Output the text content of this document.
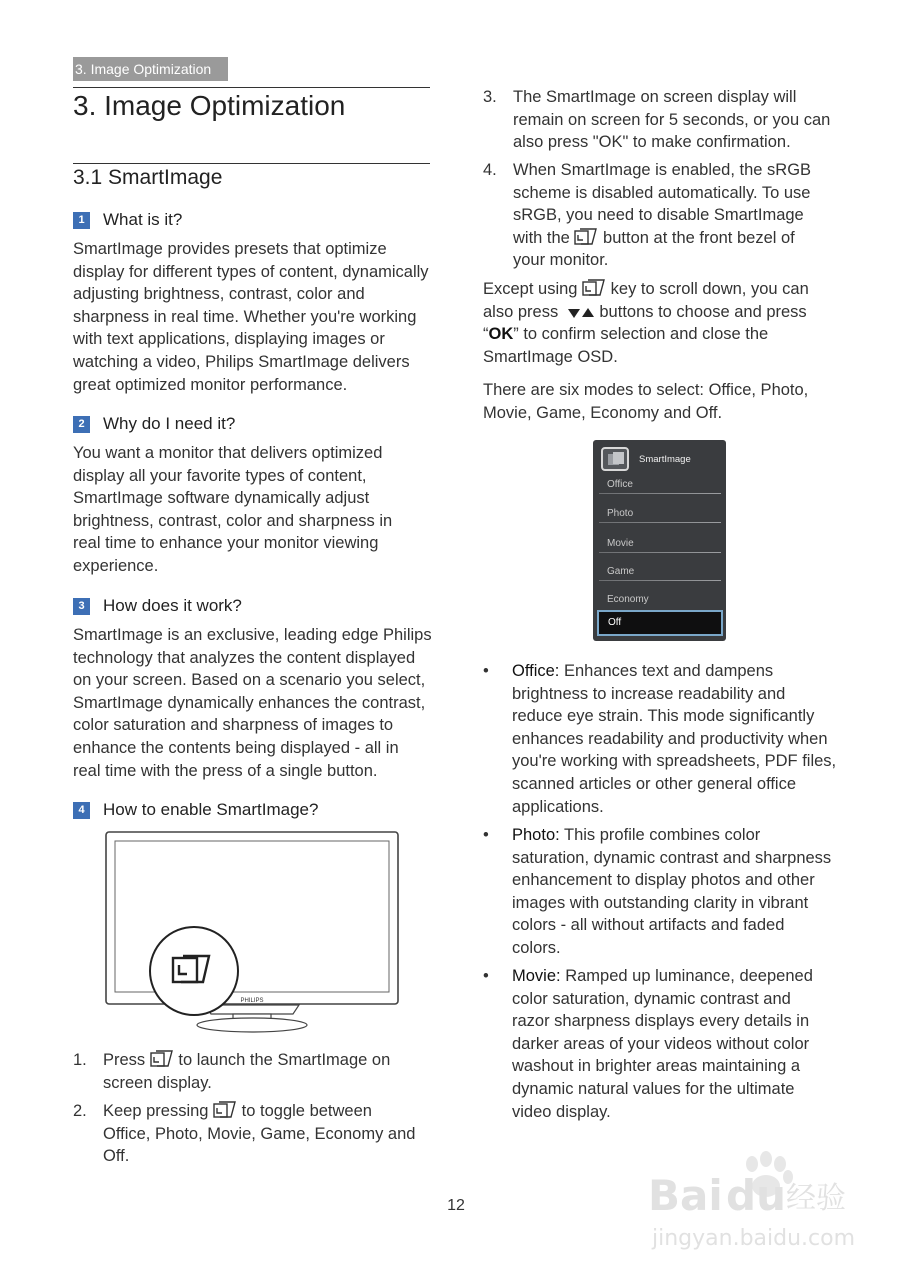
3. Image Optimization
3. Image Optimization
3.1 SmartImage
1	What is it?
SmartImage provides presets that optimize
display for different types of content, dynamically
adjusting brightness, contrast, color and
sharpness in real time. Whether you're working
with text applications, displaying images or
watching a video, Philips SmartImage delivers
great optimized monitor performance.
2	Why do I need it?
You want a monitor that delivers optimized
display all your favorite types of content,
SmartImage software dynamically adjust
brightness, contrast, color and sharpness in
real time to enhance your monitor viewing
experience.
3	How does it work?
SmartImage is an exclusive, leading edge Philips
technology that analyzes the content displayed
on your screen. Based on a scenario you select,
SmartImage dynamically enhances the contrast,
color saturation and sharpness of images to
enhance the contents being displayed - all in
real time with the press of a single button.
4	How to enable SmartImage?
PHILIPS
1. Press  to launch the SmartImage on
screen display.
2. Keep pressing  to toggle between
Office, Photo, Movie, Game, Economy and
Off.
3. The SmartImage on screen display will
remain on screen for 5 seconds, or you can
also press "OK" to make confirmation.
4. When SmartImage is enabled, the sRGB
scheme is disabled automatically. To use
sRGB, you need to disable SmartImage
with the  button at the front bezel of
your monitor.
Except using  key to scroll down, you can
also press  buttons to choose and press
“OK” to confirm selection and close the
SmartImage OSD.
There are six modes to select: Office, Photo,
Movie, Game, Economy and Off.
SmartImage
Office
Photo
Movie
Game
Economy
Off
• Office: Enhances text and dampens
brightness to increase readability and
reduce eye strain. This mode significantly
enhances readability and productivity when
you're working with spreadsheets, PDF files,
scanned articles or other general office
applications.
• Photo: This profile combines color
saturation, dynamic contrast and sharpness
enhancement to display photos and other
images with outstanding clarity in vibrant
colors - all without artifacts and faded
colors.
• Movie: Ramped up luminance, deepened
color saturation, dynamic contrast and
razor sharpness displays every details in
darker areas of your videos without color
washout in brighter areas maintaining a
dynamic natural values for the ultimate
video display.
12	Bai du 经验
jingyan.baidu.com
